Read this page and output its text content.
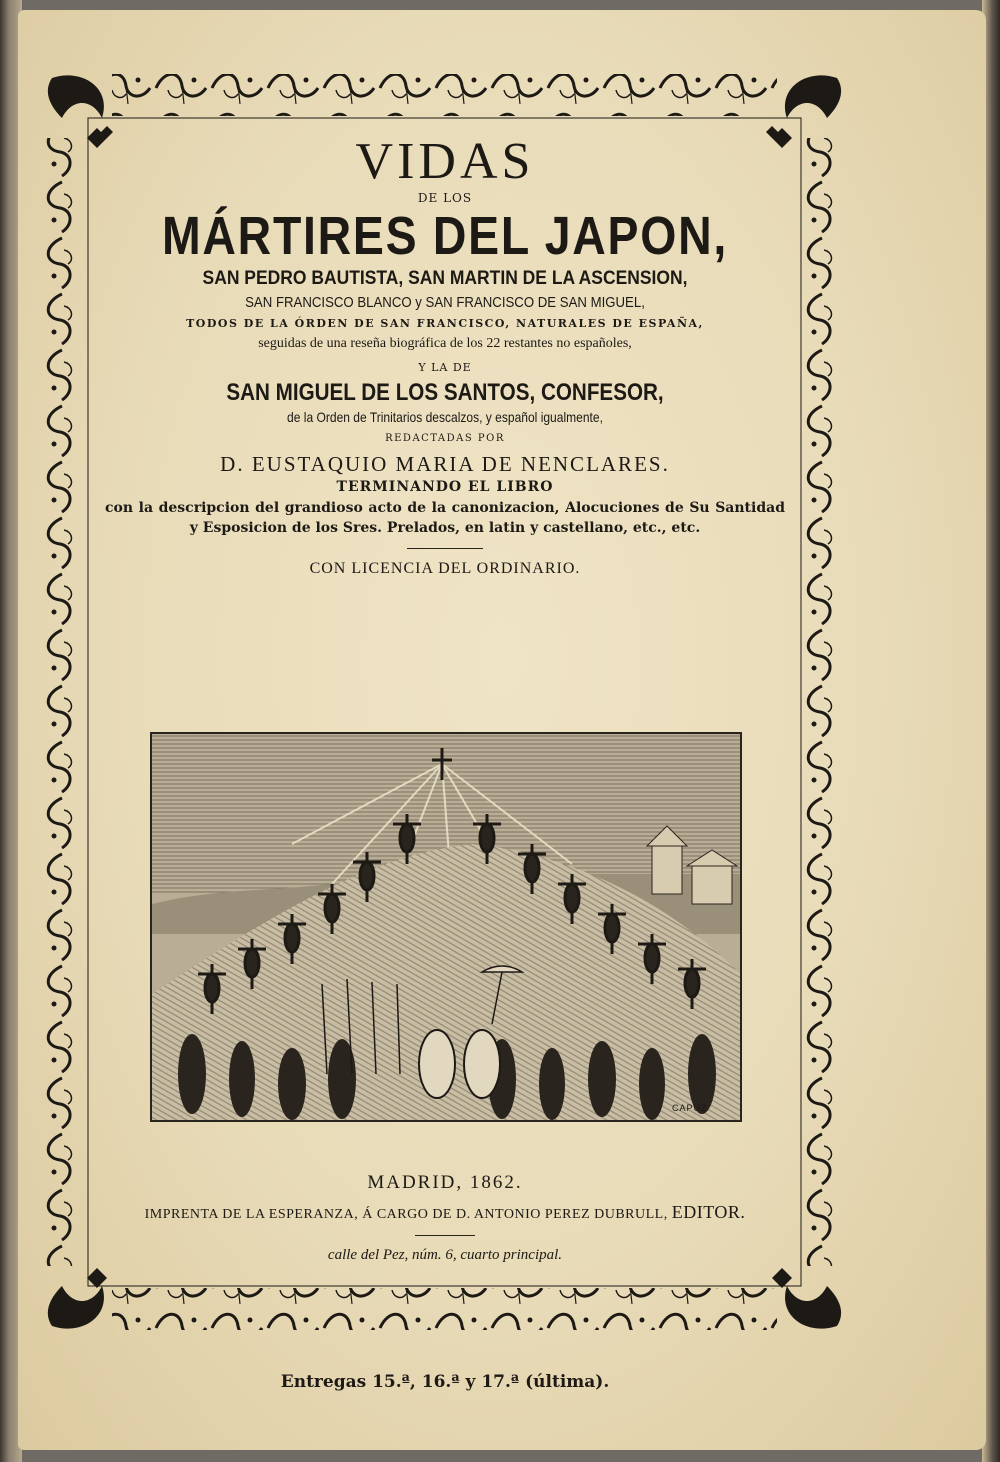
VIDAS
DE LOS
MÁRTIRES DEL JAPON,
SAN PEDRO BAUTISTA, SAN MARTIN DE LA ASCENSION,
SAN FRANCISCO BLANCO y SAN FRANCISCO DE SAN MIGUEL,
TODOS DE LA ÓRDEN DE SAN FRANCISCO, NATURALES DE ESPAÑA,
seguidas de una reseña biográfica de los 22 restantes no españoles,
Y LA DE
SAN MIGUEL DE LOS SANTOS, CONFESOR,
de la Orden de Trinitarios descalzos, y español igualmente,
REDACTADAS POR
D. EUSTAQUIO MARIA DE NENCLARES.
TERMINANDO EL LIBRO
con la descripcion del grandioso acto de la canonizacion, Alocuciones de Su Santidad y Esposicion de los Sres. Prelados, en latin y castellano, etc., etc.
CON LICENCIA DEL ORDINARIO.
CAPUZ
MADRID, 1862.
IMPRENTA DE LA ESPERANZA, Á CARGO DE D. ANTONIO PEREZ DUBRULL, EDITOR.
calle del Pez, núm. 6, cuarto principal.
Entregas 15.ª, 16.ª y 17.ª (última).
